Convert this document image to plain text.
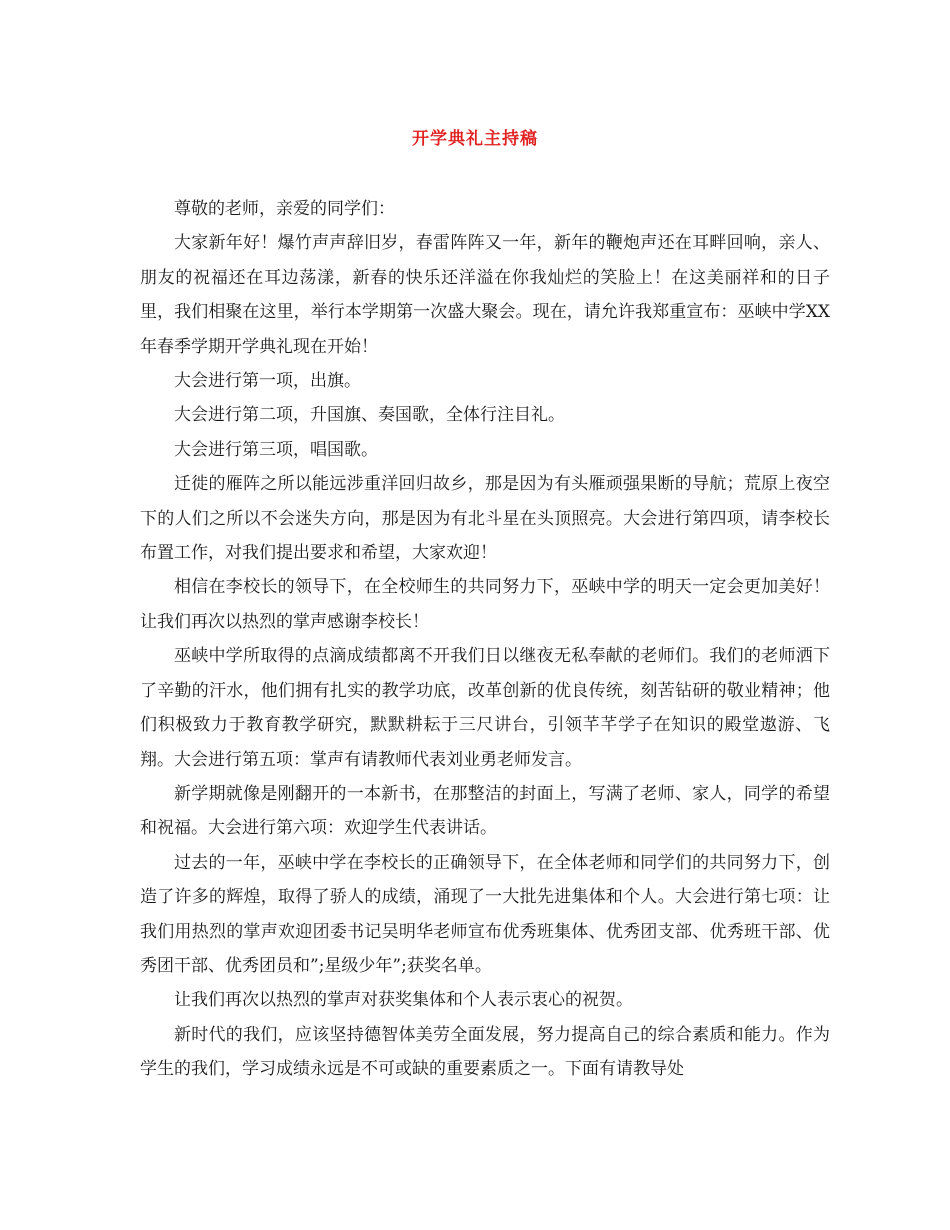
开学典礼主持稿

尊敬的老师，亲爱的同学们：

大家新年好！爆竹声声辞旧岁，春雷阵阵又一年，新年的鞭炮声还在耳畔回响，亲人、朋友的祝福还在耳边荡漾，新春的快乐还洋溢在你我灿烂的笑脸上！在这美丽祥和的日子里，我们相聚在这里，举行本学期第一次盛大聚会。现在，请允许我郑重宣布：巫峡中学XX年春季学期开学典礼现在开始！

大会进行第一项，出旗。

大会进行第二项，升国旗、奏国歌，全体行注目礼。

大会进行第三项，唱国歌。

迁徙的雁阵之所以能远涉重洋回归故乡，那是因为有头雁顽强果断的导航；荒原上夜空下的人们之所以不会迷失方向，那是因为有北斗星在头顶照亮。大会进行第四项，请李校长布置工作，对我们提出要求和希望，大家欢迎！

相信在李校长的领导下，在全校师生的共同努力下，巫峡中学的明天一定会更加美好！让我们再次以热烈的掌声感谢李校长！

巫峡中学所取得的点滴成绩都离不开我们日以继夜无私奉献的老师们。我们的老师洒下了辛勤的汗水，他们拥有扎实的教学功底，改革创新的优良传统，刻苦钻研的敬业精神；他们积极致力于教育教学研究，默默耕耘于三尺讲台，引领芊芊学子在知识的殿堂遨游、飞翔。大会进行第五项：掌声有请教师代表刘业勇老师发言。

新学期就像是刚翻开的一本新书，在那整洁的封面上，写满了老师、家人，同学的希望和祝福。大会进行第六项：欢迎学生代表讲话。

过去的一年，巫峡中学在李校长的正确领导下，在全体老师和同学们的共同努力下，创造了许多的辉煌，取得了骄人的成绩，涌现了一大批先进集体和个人。大会进行第七项：让我们用热烈的掌声欢迎团委书记吴明华老师宣布优秀班集体、优秀团支部、优秀班干部、优秀团干部、优秀团员和”;星级少年”;获奖名单。

让我们再次以热烈的掌声对获奖集体和个人表示衷心的祝贺。

新时代的我们，应该坚持德智体美劳全面发展，努力提高自己的综合素质和能力。作为学生的我们，学习成绩永远是不可或缺的重要素质之一。下面有请教导处
